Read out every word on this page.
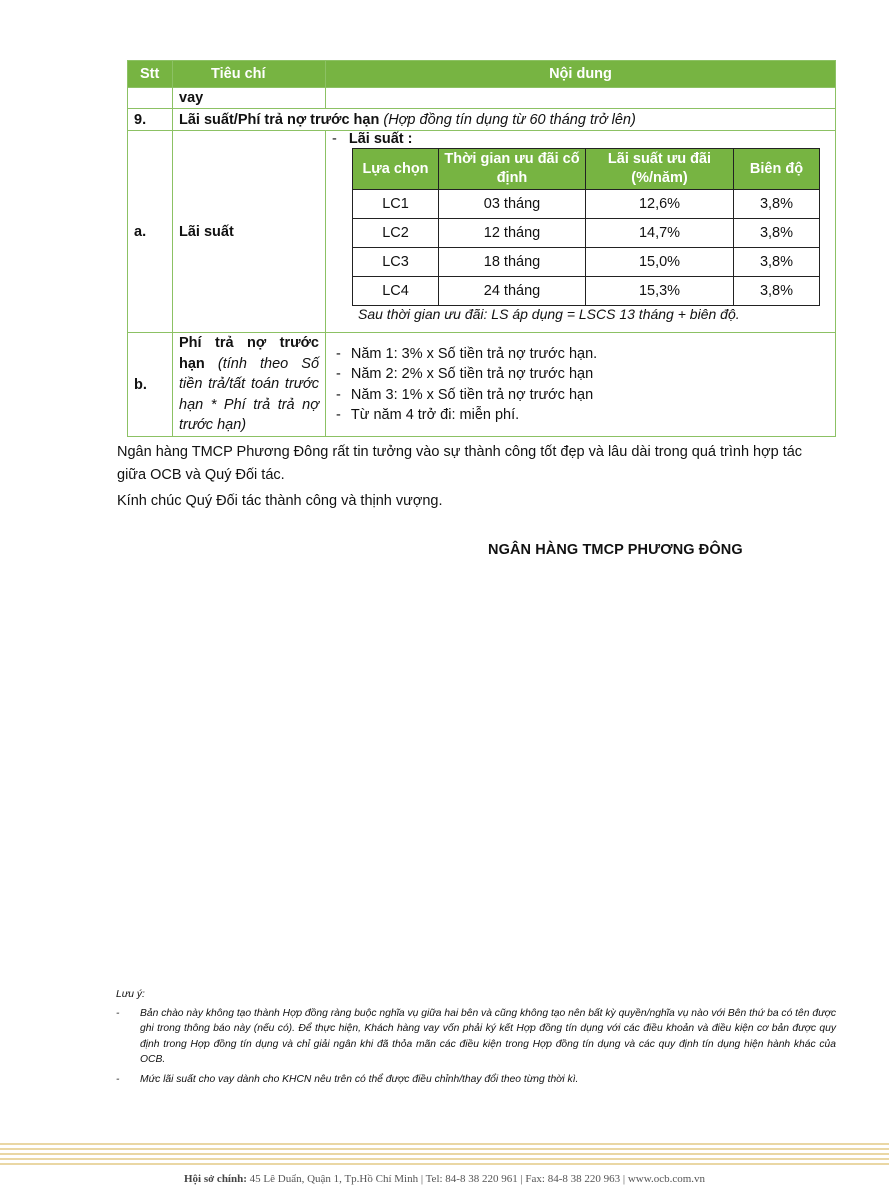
Stt	Tiêu chí	Nội dung
	vay	
9.	Lãi suất/Phí trả nợ trước hạn (Hợp đồng tín dụng từ 60 tháng trở lên)
a.	Lãi suất	
- Lãi suất :
Lựa chọn	Thời gian ưu đãi cố định	Lãi suất ưu đãi (%/năm)	Biên độ
LC1	03 tháng	12,6%	3,8%
LC2	12 tháng	14,7%	3,8%
LC3	18 tháng	15,0%	3,8%
LC4	24 tháng	15,3%	3,8%
Sau thời gian ưu đãi: LS áp dụng = LSCS 13 tháng + biên độ.

b.	Phí trả nợ trước hạn (tính theo Số tiền trả/tất toán trước hạn * Phí trả trả nợ trước hạn)	
- Năm 1: 3% x Số tiền trả nợ trước hạn.
- Năm 2: 2% x Số tiền trả nợ trước hạn
- Năm 3: 1% x Số tiền trả nợ trước hạn
- Từ năm 4 trở đi: miễn phí.

Ngân hàng TMCP Phương Đông rất tin tưởng vào sự thành công tốt đẹp và lâu dài trong quá trình hợp tác giữa OCB và Quý Đối tác.

Kính chúc Quý Đối tác thành công và thịnh vượng.

NGÂN HÀNG TMCP PHƯƠNG ĐÔNG

Lưu ý:

- Bản chào này không tạo thành Hợp đồng ràng buộc nghĩa vụ giữa hai bên và cũng không tạo nên bất kỳ quyền/nghĩa vụ nào với Bên thứ ba có tên được ghi trong thông báo này (nếu có). Để thực hiện, Khách hàng vay vốn phải ký kết Hợp đồng tín dụng với các điều khoản và điều kiện cơ bản được quy định trong Hợp đồng tín dụng và chỉ giải ngân khi đã thỏa mãn các điều kiện trong Hợp đồng tín dụng và các quy định tín dụng hiện hành khác của OCB.
- Mức lãi suất cho vay dành cho KHCN nêu trên có thể được điều chỉnh/thay đổi theo từng thời kì.
Hội sở chính: 45 Lê Duẩn, Quận 1, Tp.Hồ Chí Minh | Tel: 84-8 38 220 961 | Fax: 84-8 38 220 963 | www.ocb.com.vn
